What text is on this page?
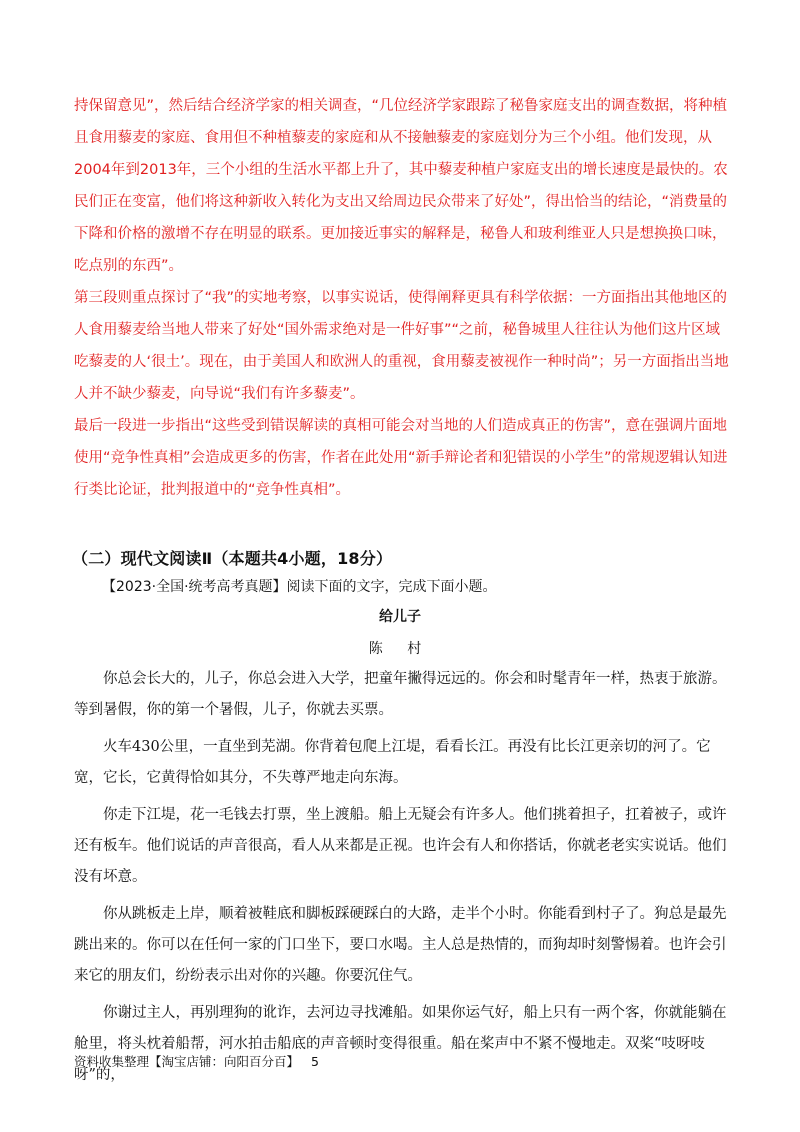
持保留意见”，然后结合经济学家的相关调查，“几位经济学家跟踪了秘鲁家庭支出的调查数据，将种植且食用藜麦的家庭、食用但不种植藜麦的家庭和从不接触藜麦的家庭划分为三个小组。他们发现，从2004年到2013年，三个小组的生活水平都上升了，其中藜麦种植户家庭支出的增长速度是最快的。农民们正在变富，他们将这种新收入转化为支出又给周边民众带来了好处”，得出恰当的结论，“消费量的下降和价格的激增不存在明显的联系。更加接近事实的解释是，秘鲁人和玻利维亚人只是想换换口味，吃点别的东西”。

第三段则重点探讨了“我”的实地考察，以事实说话，使得阐释更具有科学依据：一方面指出其他地区的人食用藜麦给当地人带来了好处“国外需求绝对是一件好事”“之前，秘鲁城里人往往认为他们这片区域吃藜麦的人‘很土’。现在，由于美国人和欧洲人的重视，食用藜麦被视作一种时尚”；另一方面指出当地人并不缺少藜麦，向导说“我们有许多藜麦”。

最后一段进一步指出“这些受到错误解读的真相可能会对当地的人们造成真正的伤害”，意在强调片面地使用“竞争性真相”会造成更多的伤害，作者在此处用“新手辩论者和犯错误的小学生”的常规逻辑认知进行类比论证，批判报道中的“竞争性真相”。

（二）现代文阅读Ⅱ（本题共4小题，18分）
【2023·全国·统考高考真题】阅读下面的文字，完成下面小题。
给儿子
陈 村

你总会长大的，儿子，你总会进入大学，把童年撇得远远的。你会和时髦青年一样，热衷于旅游。等到暑假，你的第一个暑假，儿子，你就去买票。

火车430公里，一直坐到芜湖。你背着包爬上江堤，看看长江。再没有比长江更亲切的河了。它宽，它长，它黄得恰如其分，不失尊严地走向东海。

你走下江堤，花一毛钱去打票，坐上渡船。船上无疑会有许多人。他们挑着担子，扛着被子，或许还有板车。他们说话的声音很高，看人从来都是正视。也许会有人和你搭话，你就老老实实说话。他们没有坏意。

你从跳板走上岸，顺着被鞋底和脚板踩硬踩白的大路，走半个小时。你能看到村子了。狗总是最先跳出来的。你可以在任何一家的门口坐下，要口水喝。主人总是热情的，而狗却时刻警惕着。也许会引来它的朋友们，纷纷表示出对你的兴趣。你要沉住气。

你谢过主人，再别理狗的讹诈，去河边寻找滩船。如果你运气好，船上只有一两个客，你就能躺在舱里，将头枕着船帮，河水拍击船底的声音顿时变得很重。船在桨声中不紧不慢地走。双桨“吱呀吱呀”的，

资料收集整理【淘宝店铺：向阳百分百】 5
